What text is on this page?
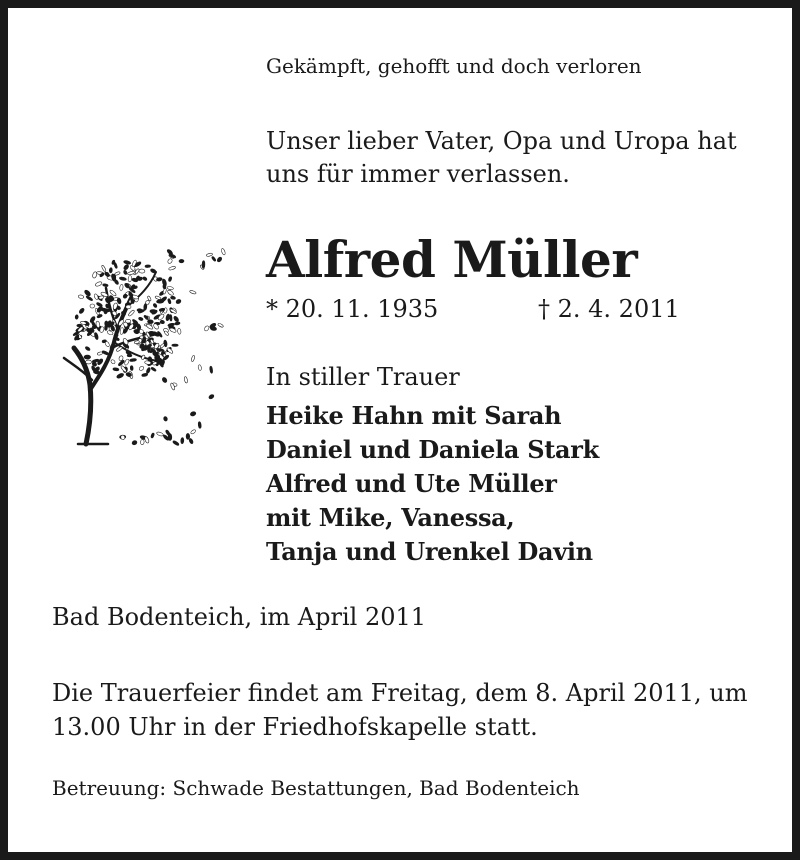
Gekämpft, gehofft und doch verloren

Unser lieber Vater, Opa und Uropa hat
uns für immer verlassen.
Alfred Müller

* 20. 11. 1935	† 2. 4. 2011

In stiller Trauer

Heike Hahn mit Sarah
Daniel und Daniela Stark
Alfred und Ute Müller
mit Mike, Vanessa,
Tanja und Urenkel Davin

Bad Bodenteich, im April 2011

Die Trauerfeier findet am Freitag, dem 8. April 2011, um
13.00 Uhr in der Friedhofskapelle statt.

Betreuung: Schwade Bestattungen, Bad Bodenteich
